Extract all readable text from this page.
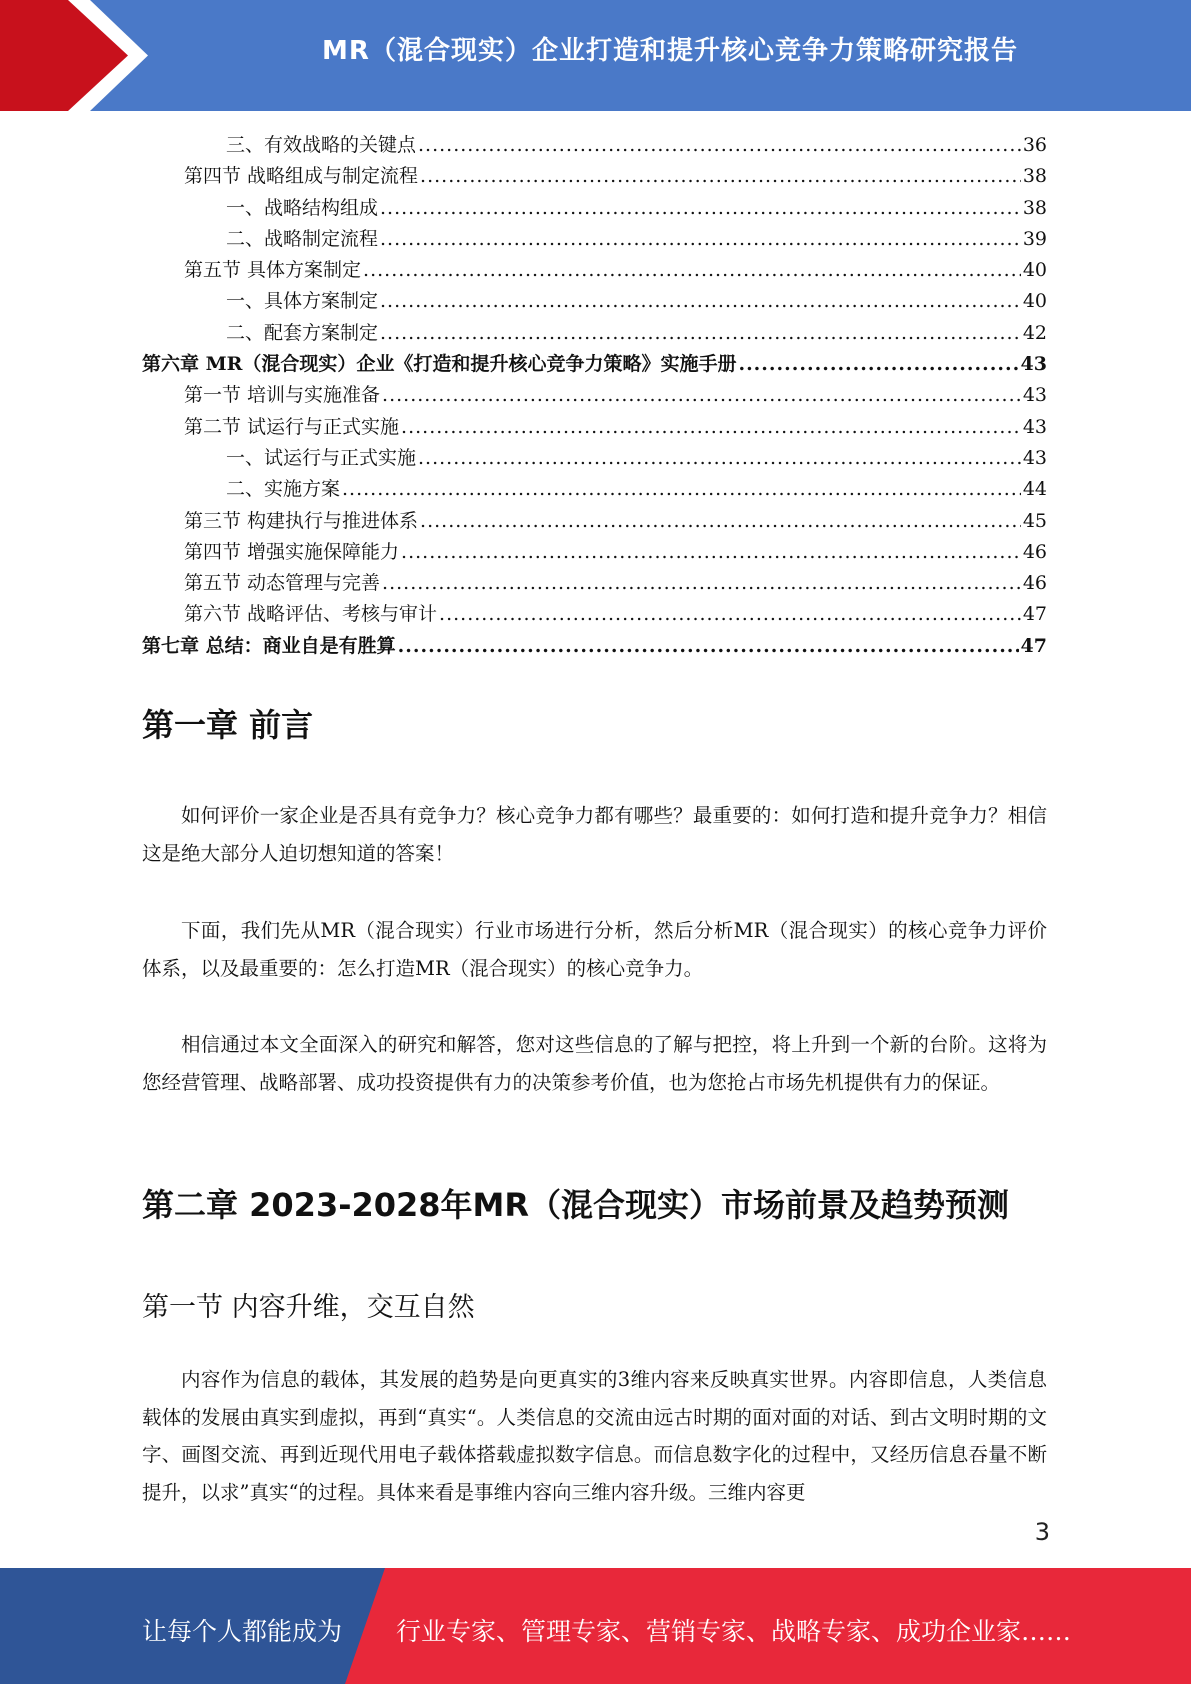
MR（混合现实）企业打造和提升核心竞争力策略研究报告
三、有效战略的关键点 .....	36
第四节 战略组成与制定流程 .....	38
一、战略结构组成 .....	38
二、战略制定流程 .....	39
第五节 具体方案制定 .....	40
一、具体方案制定 .....	40
二、配套方案制定 .....	42
第六章 MR（混合现实）企业《打造和提升核心竞争力策略》实施手册 .....	43
第一节 培训与实施准备 .....	43
第二节 试运行与正式实施 .....	43
一、试运行与正式实施 .....	43
二、实施方案 .....	44
第三节 构建执行与推进体系 .....	45
第四节 增强实施保障能力 .....	46
第五节 动态管理与完善 .....	46
第六节 战略评估、考核与审计 .....	47
第七章 总结：商业自是有胜算 .....	47
第一章 前言

如何评价一家企业是否具有竞争力？核心竞争力都有哪些？最重要的：如何打造和提升竞争力？相信这是绝大部分人迫切想知道的答案！

下面，我们先从MR（混合现实）行业市场进行分析，然后分析MR（混合现实）的核心竞争力评价体系，以及最重要的：怎么打造MR（混合现实）的核心竞争力。

相信通过本文全面深入的研究和解答，您对这些信息的了解与把控，将上升到一个新的台阶。这将为您经营管理、战略部署、成功投资提供有力的决策参考价值，也为您抢占市场先机提供有力的保证。

第二章 2023-2028年MR（混合现实）市场前景及趋势预测
第一节 内容升维，交互自然

内容作为信息的载体，其发展的趋势是向更真实的3维内容来反映真实世界。内容即信息，人类信息载体的发展由真实到虚拟，再到“真实“。人类信息的交流由远古时期的面对面的对话、到古文明时期的文字、画图交流、再到近现代用电子载体搭载虚拟数字信息。而信息数字化的过程中，又经历信息吞量不断提升，以求”真实“的过程。具体来看是事维内容向三维内容升级。三维内容更

3
让每个人都能成为 行业专家、管理专家、营销专家、战略专家、成功企业家……
